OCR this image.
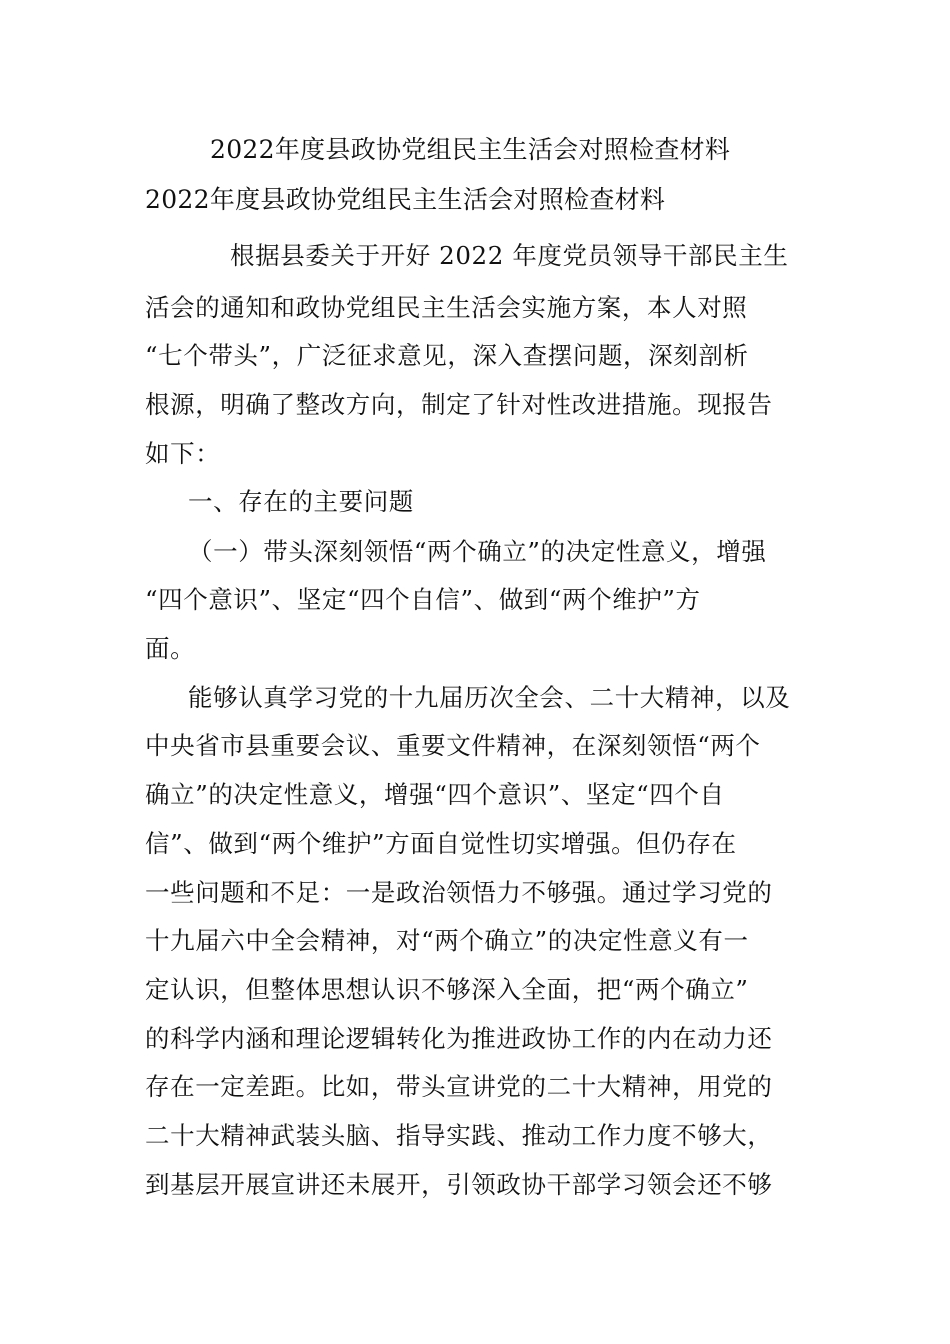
2022年度县政协党组民主生活会对照检查材料
2022年度县政协党组民主生活会对照检查材料
根据县委关于开好 2022 年度党员领导干部民主生
活会的通知和政协党组民主生活会实施方案，本人对照
“七个带头”，广泛征求意见，深入查摆问题，深刻剖析
根源，明确了整改方向，制定了针对性改进措施。现报告
如下：
一、存在的主要问题
（一）带头深刻领悟“两个确立”的决定性意义，增强
“四个意识”、坚定“四个自信”、做到“两个维护”方
面。
能够认真学习党的十九届历次全会、二十大精神，以及
中央省市县重要会议、重要文件精神，在深刻领悟“两个
确立”的决定性意义，增强“四个意识”、坚定“四个自
信”、做到“两个维护”方面自觉性切实增强。但仍存在
一些问题和不足：一是政治领悟力不够强。通过学习党的
十九届六中全会精神，对“两个确立”的决定性意义有一
定认识，但整体思想认识不够深入全面，把“两个确立”
的科学内涵和理论逻辑转化为推进政协工作的内在动力还
存在一定差距。比如，带头宣讲党的二十大精神，用党的
二十大精神武装头脑、指导实践、推动工作力度不够大，
到基层开展宣讲还未展开，引领政协干部学习领会还不够
